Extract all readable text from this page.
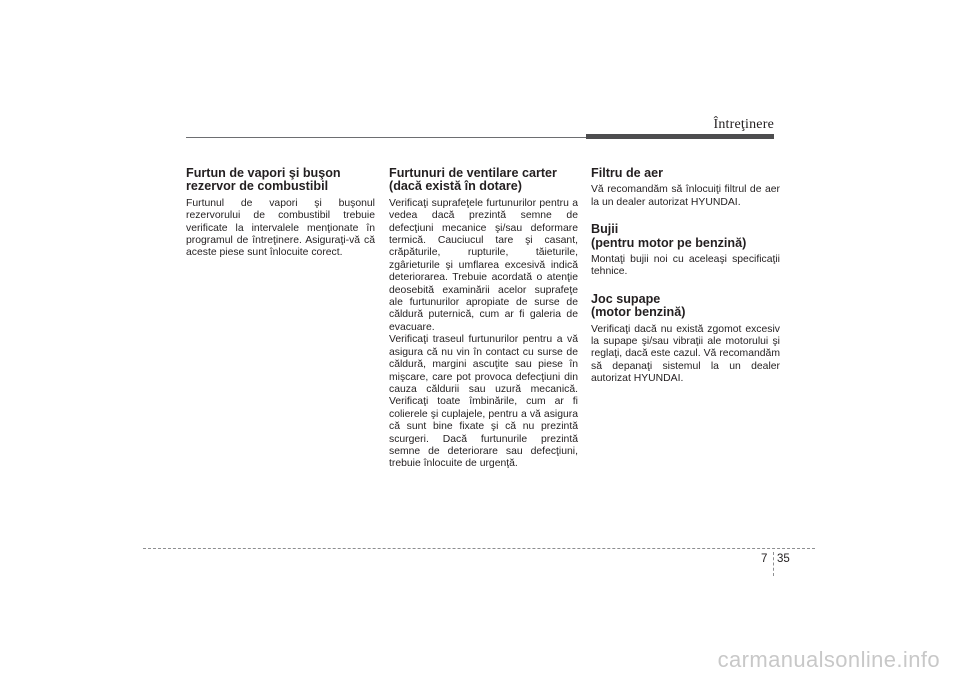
Întreţinere
Furtun de vapori şi buşon
rezervor de combustibil

Furtunul de vapori şi buşonul rezervorului de combustibil trebuie verificate la intervalele menţionate în programul de întreţinere. Asiguraţi-vă că aceste piese sunt înlocuite corect.

Furtunuri de ventilare carter
(dacă există în dotare)

Verificaţi suprafeţele furtunurilor pentru a vedea dacă prezintă semne de defecţiuni mecanice şi/sau deformare termică. Cauciucul tare şi casant, crăpăturile, rupturile, tăieturile, zgârieturile şi umflarea excesivă indică deteriorarea. Trebuie acordată o atenţie deosebită examinării acelor suprafeţe ale furtunurilor apropiate de surse de căldură puternică, cum ar fi galeria de evacuare.

Verificaţi traseul furtunurilor pentru a vă asigura că nu vin în contact cu surse de căldură, margini ascuţite sau piese în mişcare, care pot provoca defecţiuni din cauza căldurii sau uzură mecanică. Verificaţi toate îmbinările, cum ar fi colierele şi cuplajele, pentru a vă asigura că sunt bine fixate şi că nu prezintă scurgeri. Dacă furtunurile prezintă semne de deteriorare sau defecţiuni, trebuie înlocuite de urgenţă.

Filtru de aer

Vă recomandăm să înlocuiţi filtrul de aer la un dealer autorizat HYUNDAI.

Bujii
(pentru motor pe benzină)

Montaţi bujii noi cu aceleaşi specificaţii tehnice.

Joc supape
(motor benzină)

Verificaţi dacă nu există zgomot excesiv la supape şi/sau vibraţii ale motorului şi reglaţi, dacă este cazul. Vă recomandăm să depanaţi sistemul la un dealer autorizat HYUNDAI.

7 35
carmanualsonline.info
